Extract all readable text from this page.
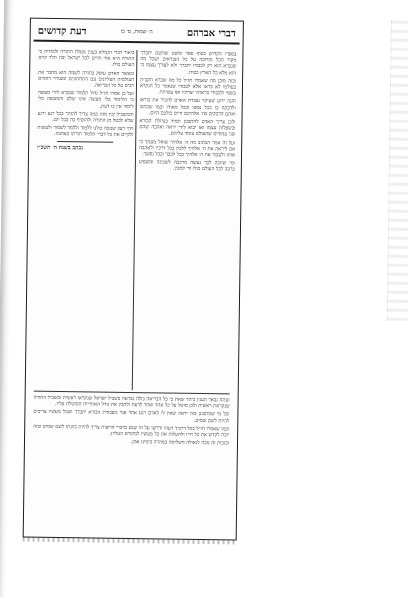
דברי אברהם
ה׳ שמות, ס׳ כו
דעת קדושים

בספרו הקדוש בסוף ספר ומשם שהשם יתברך מקור הכל ומרובה על כל הנבראים ושכל מה שנברא הוא רק לכבודו יתברך ולא לצורך עצמו כי הוא מלא כל הארץ כבודו.

ובזה מובן מה שאמרו חז״ל כל מה שברא הקב״ה בעולמו לא בראו אלא לכבודו שנאמר כל הנקרא בשמי ולכבודי בראתיו יצרתיו אף עשיתיו.

והנה ידוע שעיקר עבודת האדם להכיר את בוראו ולדבקה בו בכל נפשו ובכל מאודו וכמו שכתוב ואתם הדבקים בה׳ אלהיכם חיים כולכם היום.

ולכן צריך האדם להתבונן תמיד בגדולת הבורא ובשפלות עצמו ואז יבוא לידי יראה ואהבה שהם שני עמודים שהעולם עומד עליהם.

ועל זה אמר הכתוב מה ה׳ אלהיך שואל מעמך כי אם ליראה את ה׳ אלהיך ללכת בכל דרכיו ולאהבה אותו ולעבוד את ה׳ אלהיך בכל לבבך ובכל נפשך.

ומי שזוכה לכך נעשה מרכבה לשכינה ומשפיע ברכה לכל העולם כולו ודי למבין.

ביאור דברי הגמרא בענין מעלת התורה ולומדיה כי התורה היא אור וחיים לכל ישראל ובה תלוי קיום העולם כולו.

וכאשר האדם עוסק בתורה לשמה הוא מחבר את העולמות העליונים עם התחתונים ומעורר רחמים רבים על כל הבריאה.

ועל כן אמרו חז״ל גדול תלמוד שמביא לידי מעשה כי הלימוד בלי מעשה אינו שלם והמעשה בלי לימוד אין בו דעת.

והמשכיל יבין מזה כמה צריך להזהר בכל רגע ורגע שלא לבטל מן התורה ולהוסיף בה בכל יום.

ויהי רצון שנזכה כולנו ללמוד וללמד לשמור ולעשות ולקיים את כל דברי תלמוד תורתו באהבה.

נכתב בשנת ה׳ תשכ״ו

ועתה נבאר הענין ביתר שאת כי כל הבריאה כולה נבראה בשביל ישראל שנקראו ראשית ובשביל התורה שנקראת ראשית ולכן מוטל על כל אחד ואחד לדעת ולהבין את גודל האחריות המוטלת עליו.

וכל מי שמתבונן בזה יראה שאין לו לאדם רגע אחד פנוי מעבודת הבורא יתברך ושכל מעשיו צריכים להיות לשם שמים.

וכמו שאמרו חז״ל בכל דרכיך דעהו ודרשו על זה שגם בדברי הרשות צריך להיות כוונתו לשם שמים ובזה יזכה לקדש את כל חייו ולהעלות את כל מעשיו למקורם העליון.

ובזכות זה נזכה לגאולה השלימה במהרה בימינו אמן.
